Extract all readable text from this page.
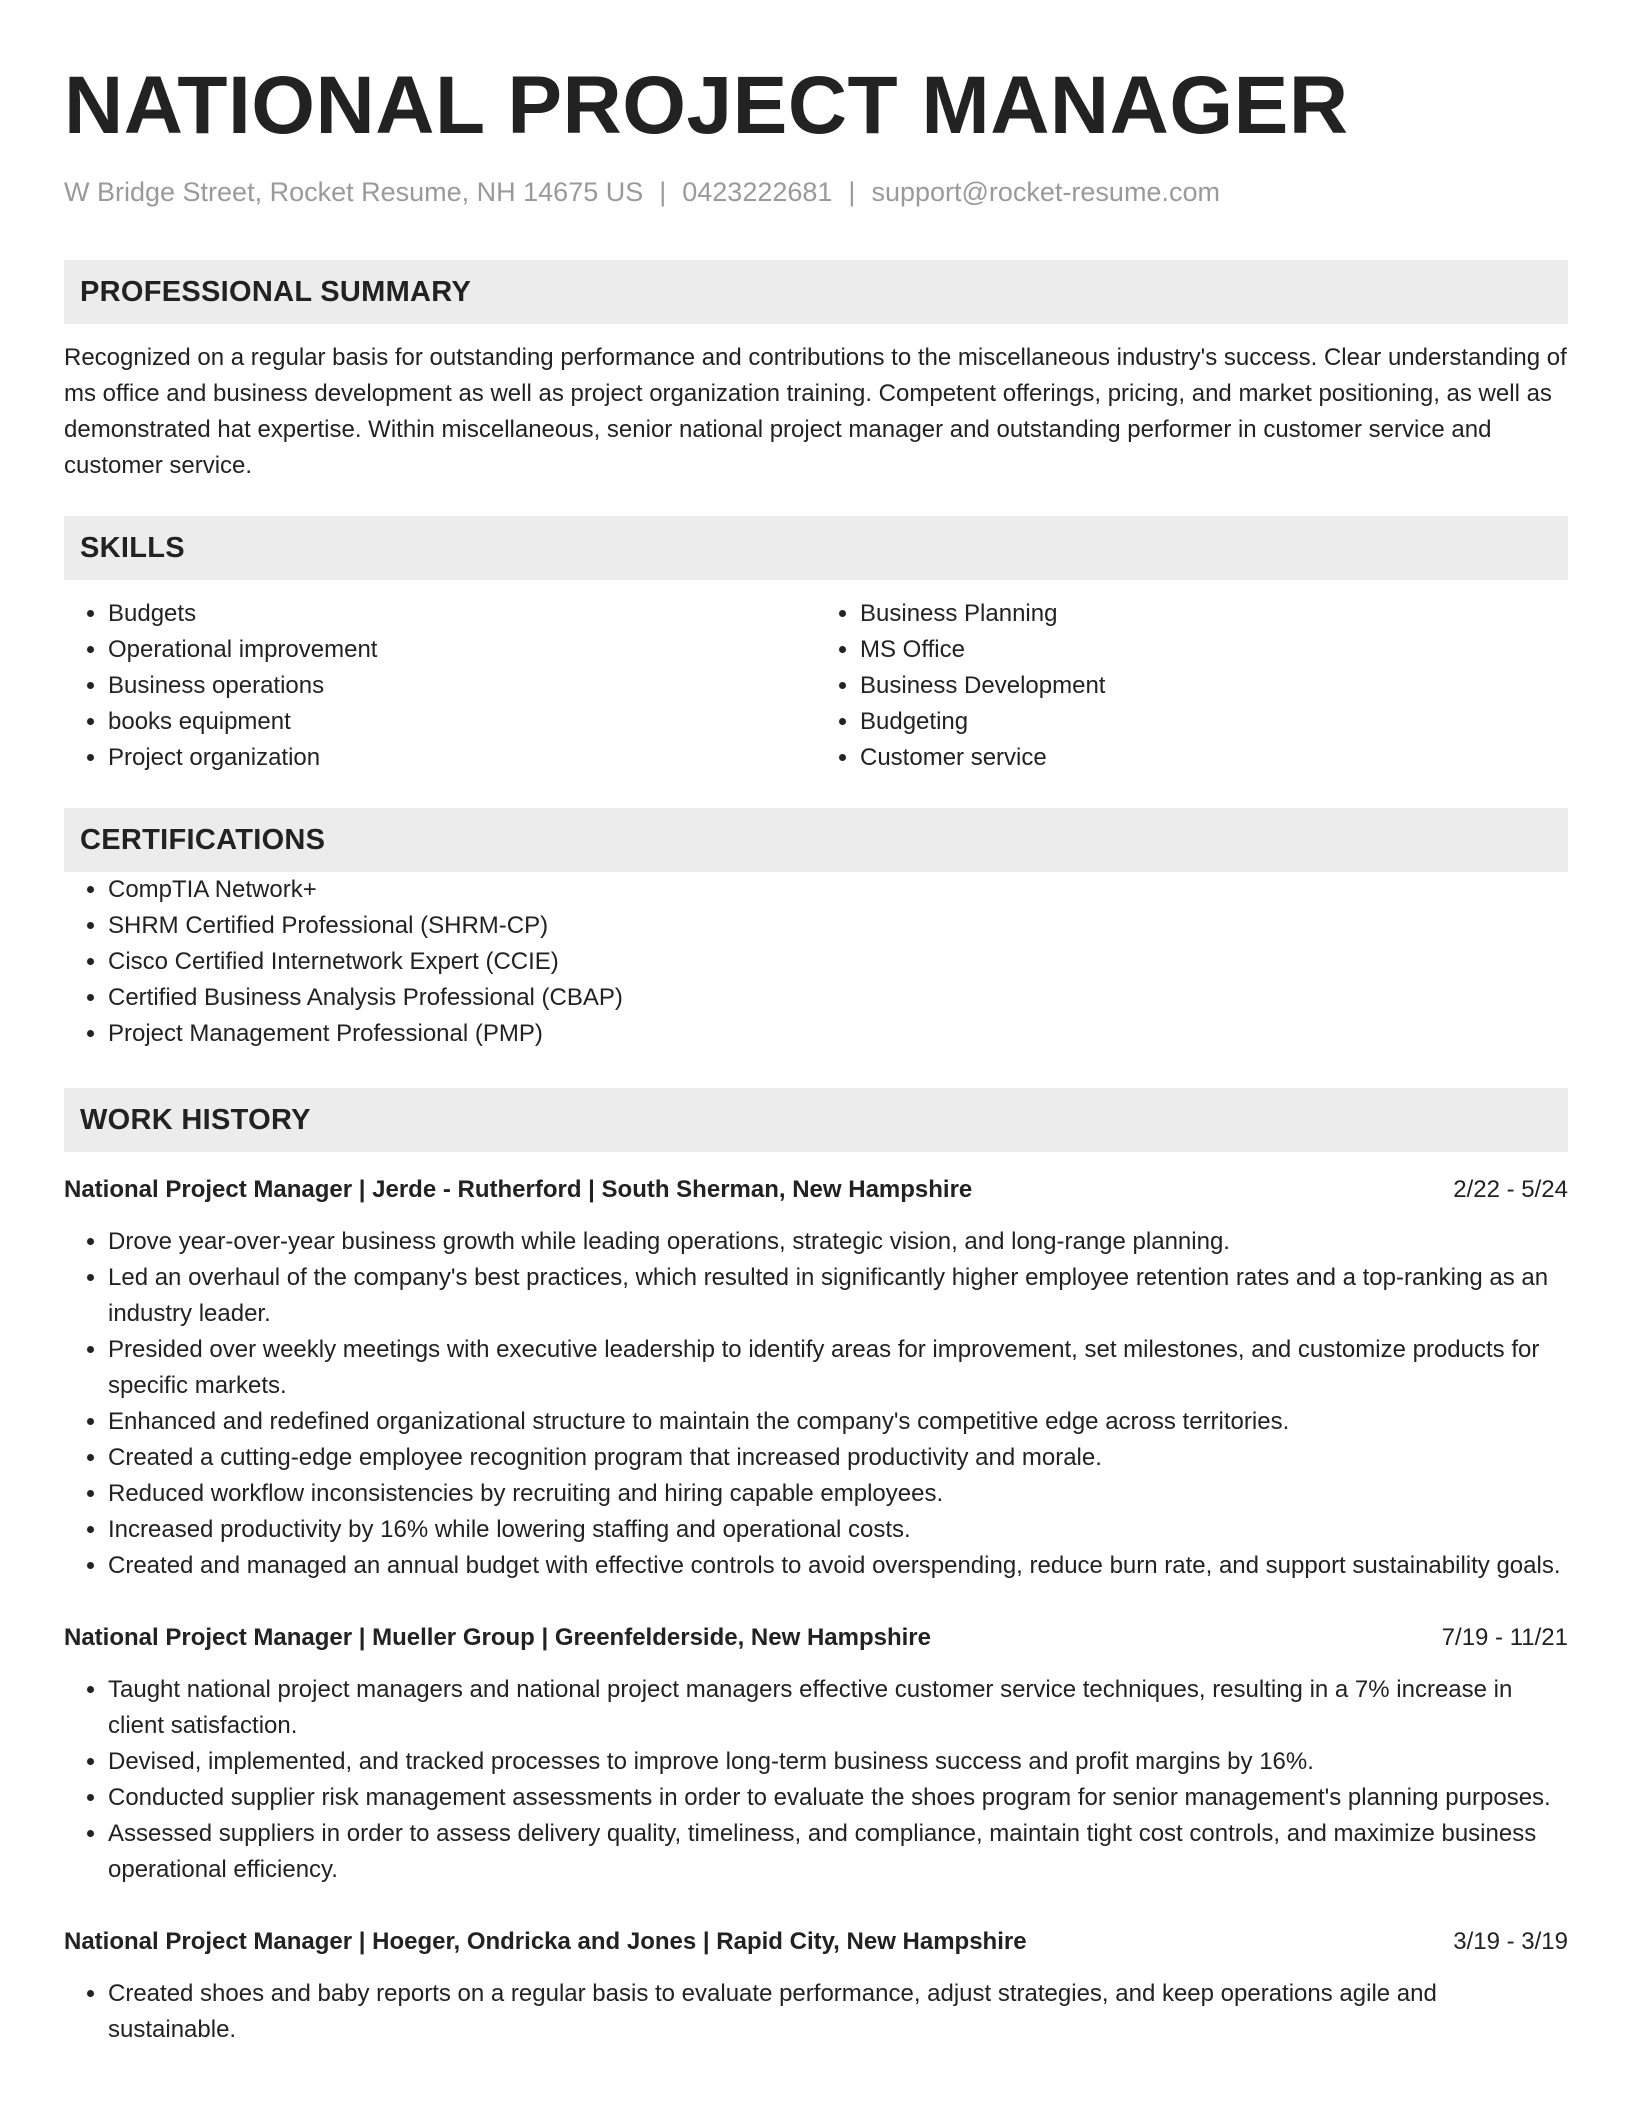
NATIONAL PROJECT MANAGER
W Bridge Street, Rocket Resume, NH 14675 US | 0423222681 | support@rocket-resume.com
PROFESSIONAL SUMMARY

Recognized on a regular basis for outstanding performance and contributions to the miscellaneous industry's success. Clear understanding of ms office and business development as well as project organization training. Competent offerings, pricing, and market positioning, as well as demonstrated hat expertise. Within miscellaneous, senior national project manager and outstanding performer in customer service and customer service.

SKILLS
• Budgets
• Operational improvement
• Business operations
• books equipment
• Project organization
• Business Planning
• MS Office
• Business Development
• Budgeting
• Customer service
CERTIFICATIONS
• CompTIA Network+
• SHRM Certified Professional (SHRM-CP)
• Cisco Certified Internetwork Expert (CCIE)
• Certified Business Analysis Professional (CBAP)
• Project Management Professional (PMP)
WORK HISTORY
National Project Manager | Jerde - Rutherford | South Sherman, New Hampshire	2/22 - 5/24
• Drove year-over-year business growth while leading operations, strategic vision, and long-range planning.
• Led an overhaul of the company's best practices, which resulted in significantly higher employee retention rates and a top-ranking as an industry leader.
• Presided over weekly meetings with executive leadership to identify areas for improvement, set milestones, and customize products for specific markets.
• Enhanced and redefined organizational structure to maintain the company's competitive edge across territories.
• Created a cutting-edge employee recognition program that increased productivity and morale.
• Reduced workflow inconsistencies by recruiting and hiring capable employees.
• Increased productivity by 16% while lowering staffing and operational costs.
• Created and managed an annual budget with effective controls to avoid overspending, reduce burn rate, and support sustainability goals.
National Project Manager | Mueller Group | Greenfelderside, New Hampshire	7/19 - 11/21
• Taught national project managers and national project managers effective customer service techniques, resulting in a 7% increase in client satisfaction.
• Devised, implemented, and tracked processes to improve long-term business success and profit margins by 16%.
• Conducted supplier risk management assessments in order to evaluate the shoes program for senior management's planning purposes.
• Assessed suppliers in order to assess delivery quality, timeliness, and compliance, maintain tight cost controls, and maximize business operational efficiency.
National Project Manager | Hoeger, Ondricka and Jones | Rapid City, New Hampshire	3/19 - 3/19
• Created shoes and baby reports on a regular basis to evaluate performance, adjust strategies, and keep operations agile and sustainable.
